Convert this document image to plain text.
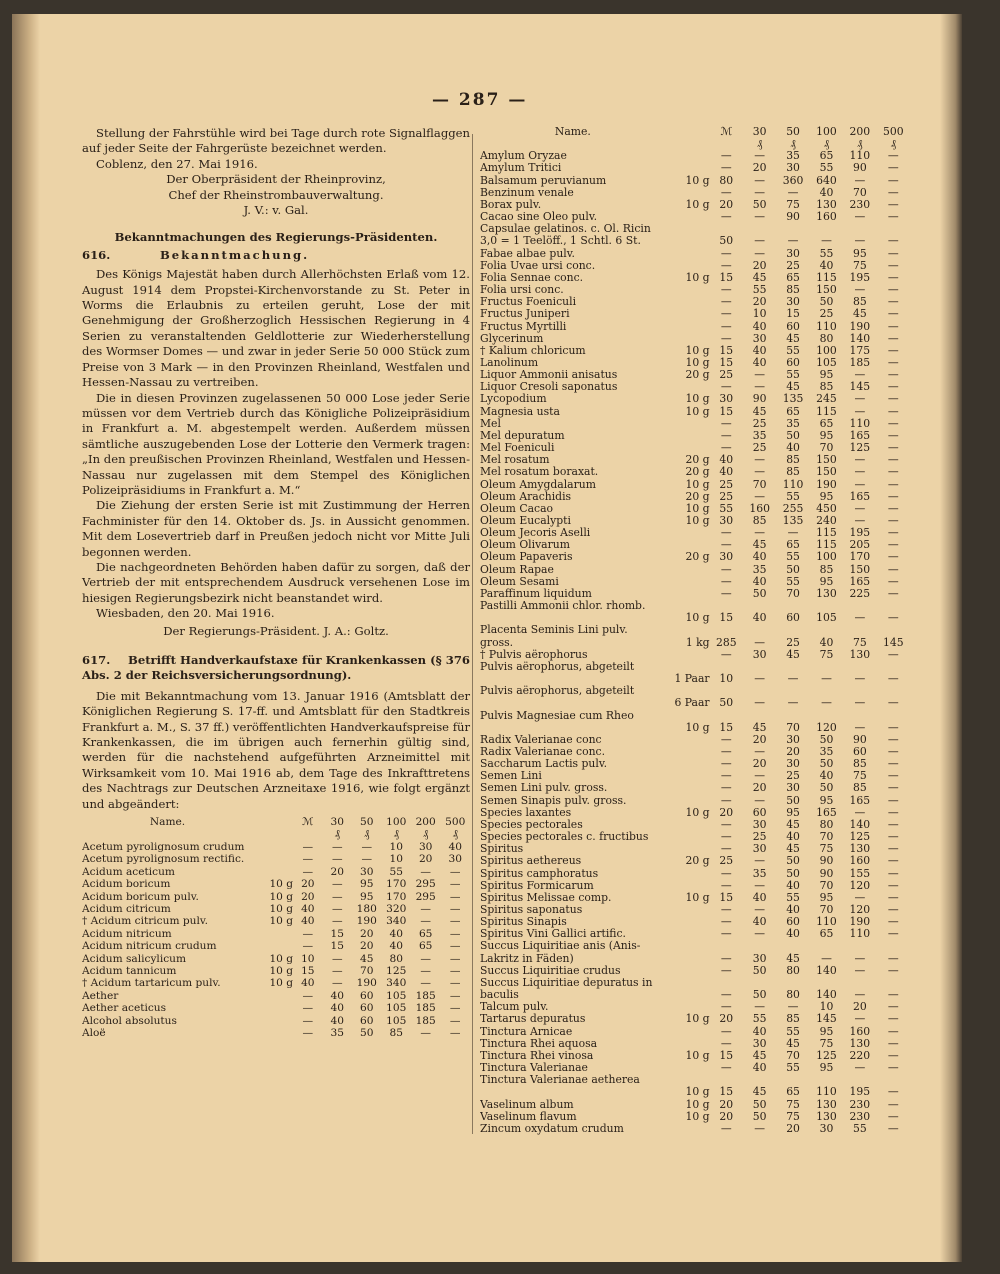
— 287 —

Stellung der Fahrstühle wird bei Tage durch rote Signalflaggen auf jeder Seite der Fahrgerüste bezeichnet werden.

Coblenz, den 27. Mai 1916.

Der Oberpräsident der Rheinprovinz,

Chef der Rheinstrombauverwaltung.

J. V.: v. Gal.

Bekanntmachungen des Regierungs-Präsidenten.

616.	Bekanntmachung.

Des Königs Majestät haben durch Allerhöchsten Erlaß vom 12. August 1914 dem Propstei-Kirchenvorstande zu St. Peter in Worms die Erlaubnis zu erteilen geruht, Lose der mit Genehmigung der Großherzoglich Hessischen Regierung in 4 Serien zu veranstaltenden Geldlotterie zur Wiederherstellung des Wormser Domes — und zwar in jeder Serie 50 000 Stück zum Preise von 3 Mark — in den Provinzen Rheinland, Westfalen und Hessen-Nassau zu vertreiben.

Die in diesen Provinzen zugelassenen 50 000 Lose jeder Serie müssen vor dem Vertrieb durch das Königliche Polizeipräsidium in Frankfurt a. M. abgestempelt werden. Außerdem müssen sämtliche auszugebenden Lose der Lotterie den Vermerk tragen: „In den preußischen Provinzen Rheinland, Westfalen und Hessen-Nassau nur zugelassen mit dem Stempel des Königlichen Polizeipräsidiums in Frankfurt a. M.“

Die Ziehung der ersten Serie ist mit Zustimmung der Herren Fachminister für den 14. Oktober ds. Js. in Aussicht genommen. Mit dem Losevertrieb darf in Preußen jedoch nicht vor Mitte Juli begonnen werden.

Die nachgeordneten Behörden haben dafür zu sorgen, daß der Vertrieb der mit entsprechendem Ausdruck versehenen Lose im hiesigen Regierungsbezirk nicht beanstandet wird.

Wiesbaden, den 20. Mai 1916.

Der Regierungs-Präsident. J. A.: Goltz.

617. Betrifft Handverkaufstaxe für Krankenkassen (§ 376 Abs. 2 der Reichsversicherungsordnung).

Die mit Bekanntmachung vom 13. Januar 1916 (Amtsblatt der Königlichen Regierung S. 17-ff. und Amtsblatt für den Stadtkreis Frankfurt a. M., S. 37 ff.) veröffentlichten Handverkaufspreise für Krankenkassen, die im übrigen auch fernerhin gültig sind, werden für die nachstehend aufgeführten Arzneimittel mit Wirksamkeit vom 10. Mai 1916 ab, dem Tage des Inkrafttretens des Nachtrags zur Deutschen Arzneitaxe 1916, wie folgt ergänzt und abgeändert:

Name.		ℳ	30	50	100	200	500
			₰	₰	₰	₰	₰
Acetum pyrolignosum crudum		—	—	—	10	30	40
Acetum pyrolignosum rectific.		—	—	—	10	20	30
Acidum aceticum		—	20	30	55	—	—
Acidum boricum	10 g	20	—	95	170	295	—
Acidum boricum pulv.	10 g	20	—	95	170	295	—
Acidum citricum	10 g	40	—	180	320	—	—
† Acidum citricum pulv.	10 g	40	—	190	340	—	—
Acidum nitricum		—	15	20	40	65	—
Acidum nitricum crudum		—	15	20	40	65	—
Acidum salicylicum	10 g	10	—	45	80	—	—
Acidum tannicum	10 g	15	—	70	125	—	—
† Acidum tartaricum pulv.	10 g	40	—	190	340	—	—
Aether		—	40	60	105	185	—
Aether aceticus		—	40	60	105	185	—
Alcohol absolutus		—	40	60	105	185	—
Aloë		—	35	50	85	—	—
Name.		ℳ	30	50	100	200	500
			₰	₰	₰	₰	₰
Amylum Oryzae		—	—	35	65	110	—
Amylum Tritici		—	20	30	55	90	—
Balsamum peruvianum	10 g	80	—	360	640	—	—
Benzinum venale		—	—	—	40	70	—
Borax pulv.	10 g	20	50	75	130	230	—
Cacao sine Oleo pulv.		—	—	90	160	—	—
Capsulae gelatinos. c. Ol. Ricin							
3,0 = 1 Teelöff., 1 Schtl. 6 St.		50	—	—	—	—	—
Fabae albae pulv.		—	—	30	55	95	—
Folia Uvae ursi conc.		—	20	25	40	75	—
Folia Sennae conc.	10 g	15	45	65	115	195	—
Folia ursi conc.		—	55	85	150	—	—
Fructus Foeniculi		—	20	30	50	85	—
Fructus Juniperi		—	10	15	25	45	—
Fructus Myrtilli		—	40	60	110	190	—
Glycerinum		—	30	45	80	140	—
† Kalium chloricum	10 g	15	40	55	100	175	—
Lanolinum	10 g	15	40	60	105	185	—
Liquor Ammonii anisatus	20 g	25	—	55	95	—	—
Liquor Cresoli saponatus		—	—	45	85	145	—
Lycopodium	10 g	30	90	135	245	—	—
Magnesia usta	10 g	15	45	65	115	—	—
Mel		—	25	35	65	110	—
Mel depuratum		—	35	50	95	165	—
Mel Foeniculi		—	25	40	70	125	—
Mel rosatum	20 g	40	—	85	150	—	—
Mel rosatum boraxat.	20 g	40	—	85	150	—	—
Oleum Amygdalarum	10 g	25	70	110	190	—	—
Oleum Arachidis	20 g	25	—	55	95	165	—
Oleum Cacao	10 g	55	160	255	450	—	—
Oleum Eucalypti	10 g	30	85	135	240	—	—
Oleum Jecoris Aselli		—	—	—	115	195	—
Oleum Olivarum		—	45	65	115	205	—
Oleum Papaveris	20 g	30	40	55	100	170	—
Oleum Rapae		—	35	50	85	150	—
Oleum Sesami		—	40	55	95	165	—
Paraffinum liquidum		—	50	70	130	225	—
Pastilli Ammonii chlor. rhomb.							
	10 g	15	40	60	105	—	—
Placenta Seminis Lini pulv.							
gross.	1 kg	285	—	25	40	75	145
† Pulvis aërophorus		—	30	45	75	130	—
Pulvis aërophorus, abgeteilt							
	1 Paar	10	—	—	—	—	—
Pulvis aërophorus, abgeteilt							
	6 Paar	50	—	—	—	—	—
Pulvis Magnesiae cum Rheo							
	10 g	15	45	70	120	—	—
Radix Valerianae conc		—	20	30	50	90	—
Radix Valerianae conc.		—	—	20	35	60	—
Saccharum Lactis pulv.		—	20	30	50	85	—
Semen Lini		—	—	25	40	75	—
Semen Lini pulv. gross.		—	20	30	50	85	—
Semen Sinapis pulv. gross.		—	—	50	95	165	—
Species laxantes	10 g	20	60	95	165	—	—
Species pectorales		—	30	45	80	140	—
Species pectorales c. fructibus		—	25	40	70	125	—
Spiritus		—	30	45	75	130	—
Spiritus aethereus	20 g	25	—	50	90	160	—
Spiritus camphoratus		—	35	50	90	155	—
Spiritus Formicarum		—	—	40	70	120	—
Spiritus Melissae comp.	10 g	15	40	55	95	—	—
Spiritus saponatus		—	—	40	70	120	—
Spiritus Sinapis		—	40	60	110	190	—
Spiritus Vini Gallici artific.		—	—	40	65	110	—
Succus Liquiritiae anis (Anis-							
Lakritz in Fäden)		—	30	45	—	—	—
Succus Liquiritiae crudus		—	50	80	140	—	—
Succus Liquiritiae depuratus in							
baculis		—	50	80	140	—	—
Talcum pulv.		—	—	—	10	20	—
Tartarus depuratus	10 g	20	55	85	145	—	—
Tinctura Arnicae		—	40	55	95	160	—
Tinctura Rhei aquosa		—	30	45	75	130	—
Tinctura Rhei vinosa	10 g	15	45	70	125	220	—
Tinctura Valerianae		—	40	55	95	—	—
Tinctura Valerianae aetherea							
	10 g	15	45	65	110	195	—
Vaselinum album	10 g	20	50	75	130	230	—
Vaselinum flavum	10 g	20	50	75	130	230	—
Zincum oxydatum crudum		—	—	20	30	55	—
